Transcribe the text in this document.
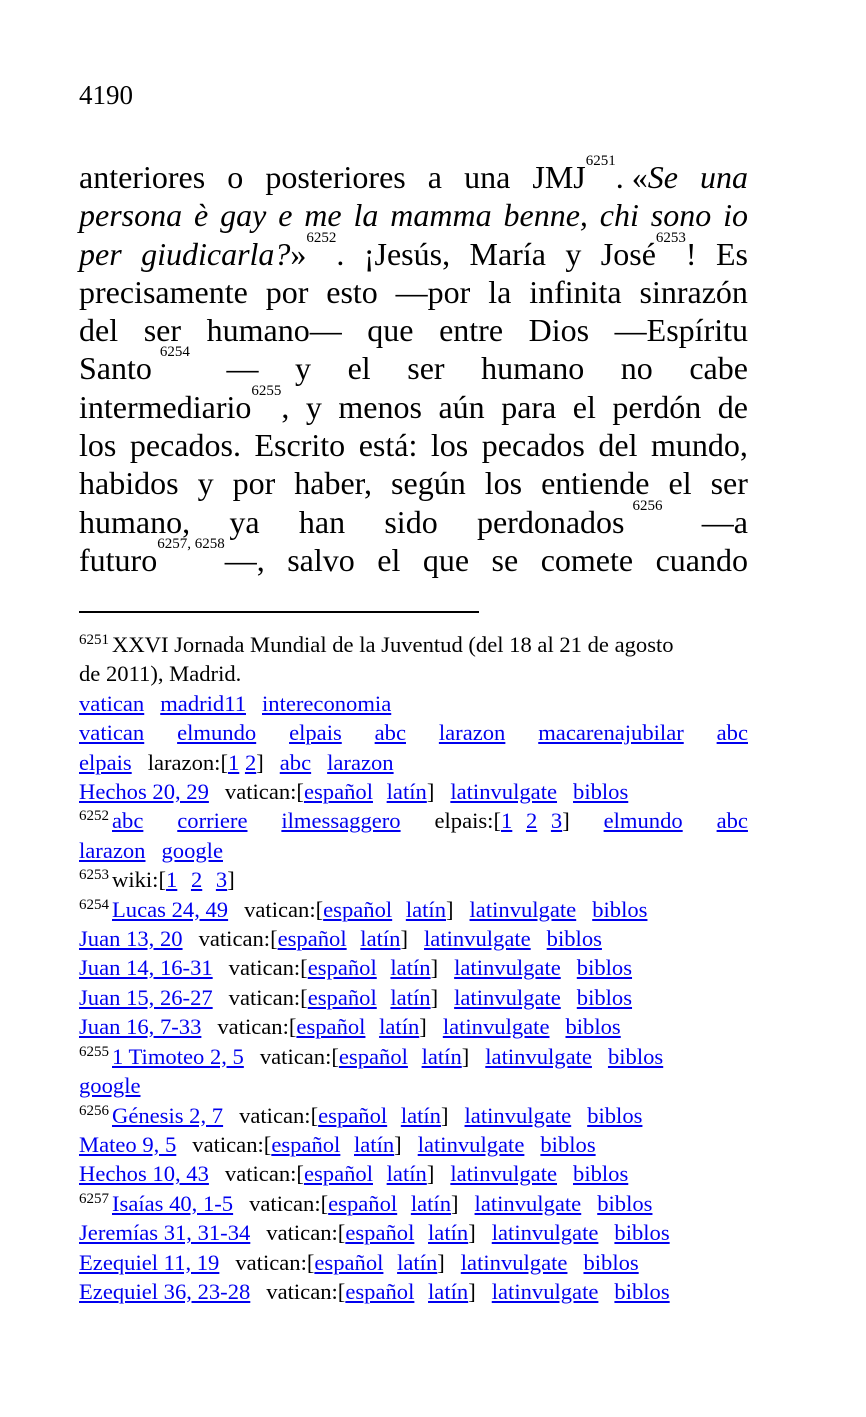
4190
anteriores o posteriores a una $JMJ^{6251}$. «Se una
persona è gay e me la mamma benne, chi sono io
per giudicarla?»$^{6252}$. ¡Jesús, María y José$^{6253}$! Es
precisamente por esto —por la infinita sinrazón
del ser humano— que entre Dios —Espíritu
Santo $^{6254}$ — y el ser humano no cabe
intermediario$^{6255}$, y menos aún para el perdón de
los pecados. Escrito está: los pecados del mundo,
habidos y por haber, según los entiende el ser
humano, ya han sido perdonados $^{6256}$ —a
futuro$^{6257, 6258}$—, salvo el que se comete cuando
$^{6251}$ XXVI Jornada Mundial de la Juventud (del 18 al 21 de agosto
de 2011), Madrid.
vatican madrid11 intereconomia
vatican elmundo elpais abc larazon macarenajubilar abc
elpais larazon:[1 2] abc larazon
Hechos 20, 29 vatican:[español latín] latinvulgate biblos
$^{6252}$ abc corriere ilmessaggero elpais:[1 2 3] elmundo abc
larazon google
6253 wiki:[1 2 3]
$^{6254}$ Lucas 24, 49 vatican:[español latín] latinvulgate biblos
Juan 13, 20 vatican:[español latín] latinvulgate biblos
Juan 14, 16-31 vatican:[español latín] latinvulgate biblos
Juan 15, 26-27 vatican:[español latín] latinvulgate biblos
Juan 16, 7-33 vatican:[español latín] latinvulgate biblos
$^{6255}$ 1 Timoteo 2, 5 vatican:[español latín] latinvulgate biblos
google
$^{6256}$ Génesis 2, 7 vatican:[español latín] latinvulgate biblos
Mateo 9, 5 vatican:[español latín] latinvulgate biblos
Hechos 10, 43 vatican:[español latín] latinvulgate biblos
$^{6257}$ Isaías 40, 1-5 vatican:[español latín] latinvulgate biblos
Jeremías 31, 31-34 vatican:[español latín] latinvulgate biblos
Ezequiel 11, 19 vatican:[español latín] latinvulgate biblos
Ezequiel 36, 23-28 vatican:[español latín] latinvulgate biblos
